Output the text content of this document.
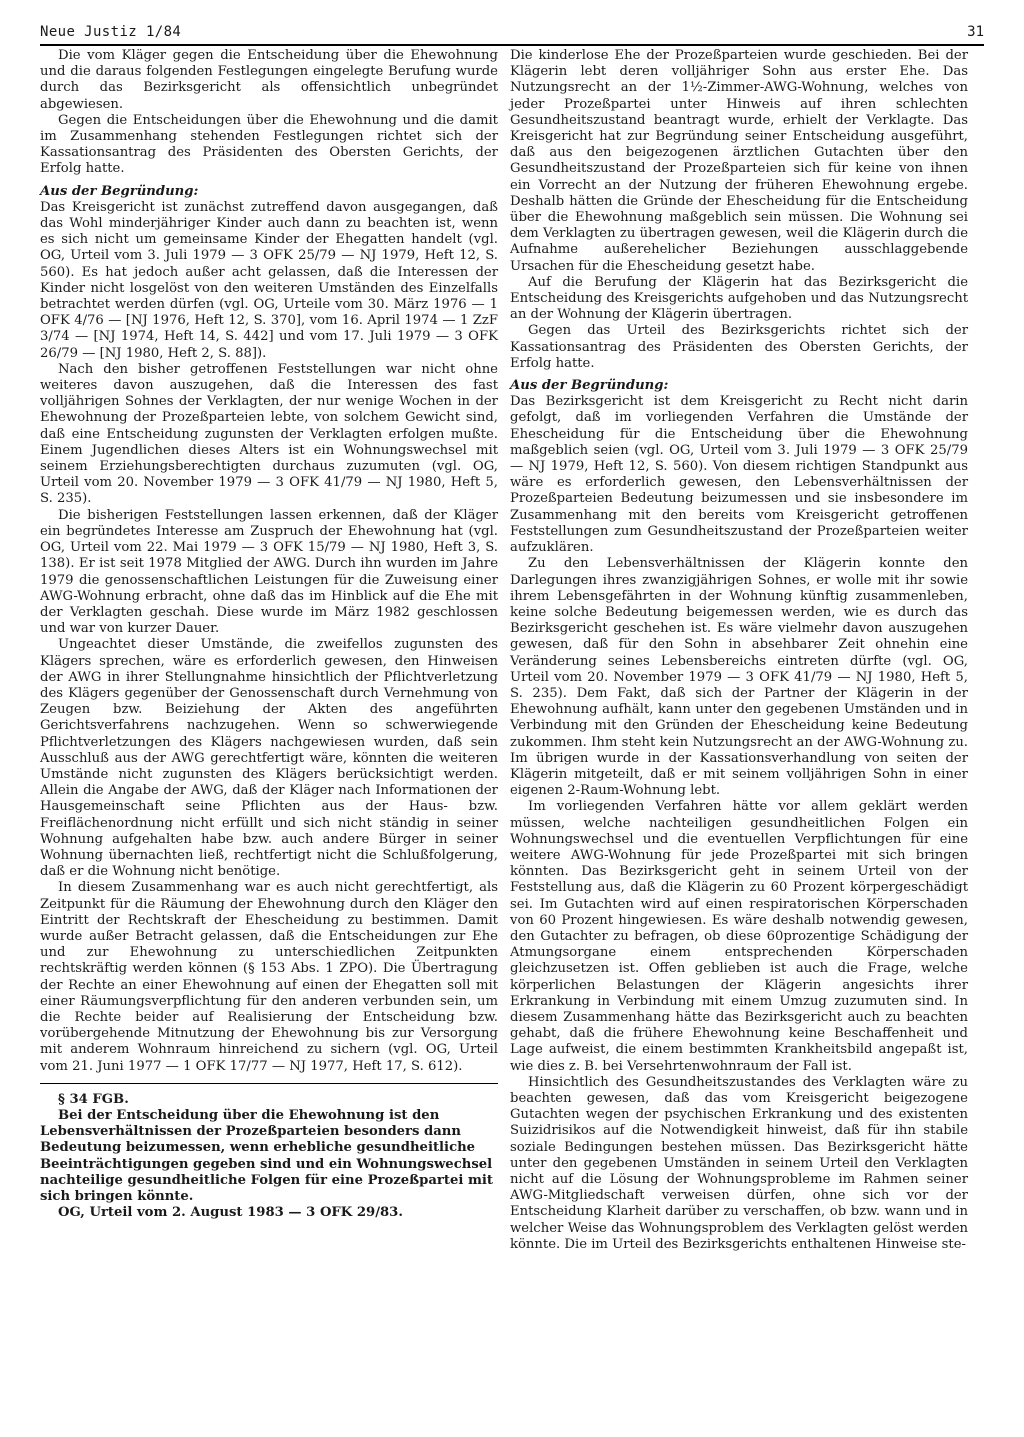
Neue Justiz 1/84	31

Die vom Kläger gegen die Entscheidung über die Ehewohnung und die daraus folgenden Festlegungen eingelegte Berufung wurde durch das Bezirksgericht als offensichtlich unbegründet abgewiesen.

Gegen die Entscheidungen über die Ehewohnung und die damit im Zusammenhang stehenden Festlegungen richtet sich der Kassationsantrag des Präsidenten des Obersten Gerichts, der Erfolg hatte.

Aus der Begründung:

Das Kreisgericht ist zunächst zutreffend davon ausgegangen, daß das Wohl minderjähriger Kinder auch dann zu beachten ist, wenn es sich nicht um gemeinsame Kinder der Ehegatten handelt (vgl. OG, Urteil vom 3. Juli 1979 — 3 OFK 25/79 — NJ 1979, Heft 12, S. 560). Es hat jedoch außer acht gelassen, daß die Interessen der Kinder nicht losgelöst von den weiteren Umständen des Einzelfalls betrachtet werden dürfen (vgl. OG, Urteile vom 30. März 1976 — 1 OFK 4/76 — [NJ 1976, Heft 12, S. 370], vom 16. April 1974 — 1 ZzF 3/74 — [NJ 1974, Heft 14, S. 442] und vom 17. Juli 1979 — 3 OFK 26/79 — [NJ 1980, Heft 2, S. 88]).

Nach den bisher getroffenen Feststellungen war nicht ohne weiteres davon auszugehen, daß die Interessen des fast volljährigen Sohnes der Verklagten, der nur wenige Wochen in der Ehewohnung der Prozeßparteien lebte, von solchem Gewicht sind, daß eine Entscheidung zugunsten der Verklagten erfolgen mußte. Einem Jugendlichen dieses Alters ist ein Wohnungswechsel mit seinem Erziehungsberechtigten durchaus zuzumuten (vgl. OG, Urteil vom 20. November 1979 — 3 OFK 41/79 — NJ 1980, Heft 5, S. 235).

Die bisherigen Feststellungen lassen erkennen, daß der Kläger ein begründetes Interesse am Zuspruch der Ehewohnung hat (vgl. OG, Urteil vom 22. Mai 1979 — 3 OFK 15/79 — NJ 1980, Heft 3, S. 138). Er ist seit 1978 Mitglied der AWG. Durch ihn wurden im Jahre 1979 die genossenschaftlichen Leistungen für die Zuweisung einer AWG-Wohnung erbracht, ohne daß das im Hinblick auf die Ehe mit der Verklagten geschah. Diese wurde im März 1982 geschlossen und war von kurzer Dauer.

Ungeachtet dieser Umstände, die zweifellos zugunsten des Klägers sprechen, wäre es erforderlich gewesen, den Hinweisen der AWG in ihrer Stellungnahme hinsichtlich der Pflichtverletzung des Klägers gegenüber der Genossenschaft durch Vernehmung von Zeugen bzw. Beiziehung der Akten des angeführten Gerichtsverfahrens nachzugehen. Wenn so schwerwiegende Pflichtverletzungen des Klägers nachgewiesen wurden, daß sein Ausschluß aus der AWG gerechtfertigt wäre, könnten die weiteren Umstände nicht zugunsten des Klägers berücksichtigt werden. Allein die Angabe der AWG, daß der Kläger nach Informationen der Hausgemeinschaft seine Pflichten aus der Haus- bzw. Freiflächenordnung nicht erfüllt und sich nicht ständig in seiner Wohnung aufgehalten habe bzw. auch andere Bürger in seiner Wohnung übernachten ließ, rechtfertigt nicht die Schlußfolgerung, daß er die Wohnung nicht benötige.

In diesem Zusammenhang war es auch nicht gerechtfertigt, als Zeitpunkt für die Räumung der Ehewohnung durch den Kläger den Eintritt der Rechtskraft der Ehescheidung zu bestimmen. Damit wurde außer Betracht gelassen, daß die Entscheidungen zur Ehe und zur Ehewohnung zu unterschiedlichen Zeitpunkten rechtskräftig werden können (§ 153 Abs. 1 ZPO). Die Übertragung der Rechte an einer Ehewohnung auf einen der Ehegatten soll mit einer Räumungsverpflichtung für den anderen verbunden sein, um die Rechte beider auf Realisierung der Entscheidung bzw. vorübergehende Mitnutzung der Ehewohnung bis zur Versorgung mit anderem Wohnraum hinreichend zu sichern (vgl. OG, Urteil vom 21. Juni 1977 — 1 OFK 17/77 — NJ 1977, Heft 17, S. 612).

§ 34 FGB.

Bei der Entscheidung über die Ehewohnung ist den Lebensverhältnissen der Prozeßparteien besonders dann Bedeutung beizumessen, wenn erhebliche gesundheitliche Beeinträchtigungen gegeben sind und ein Wohnungswechsel nachteilige gesundheitliche Folgen für eine Prozeßpartei mit sich bringen könnte.

OG, Urteil vom 2. August 1983 — 3 OFK 29/83.

Die kinderlose Ehe der Prozeßparteien wurde geschieden. Bei der Klägerin lebt deren volljähriger Sohn aus erster Ehe. Das Nutzungsrecht an der 1½-Zimmer-AWG-Wohnung, welches von jeder Prozeßpartei unter Hinweis auf ihren schlechten Gesundheitszustand beantragt wurde, erhielt der Verklagte. Das Kreisgericht hat zur Begründung seiner Entscheidung ausgeführt, daß aus den beigezogenen ärztlichen Gutachten über den Gesundheitszustand der Prozeßparteien sich für keine von ihnen ein Vorrecht an der Nutzung der früheren Ehewohnung ergebe. Deshalb hätten die Gründe der Ehescheidung für die Entscheidung über die Ehewohnung maßgeblich sein müssen. Die Wohnung sei dem Verklagten zu übertragen gewesen, weil die Klägerin durch die Aufnahme außerehelicher Beziehungen ausschlaggebende Ursachen für die Ehescheidung gesetzt habe.

Auf die Berufung der Klägerin hat das Bezirksgericht die Entscheidung des Kreisgerichts aufgehoben und das Nutzungsrecht an der Wohnung der Klägerin übertragen.

Gegen das Urteil des Bezirksgerichts richtet sich der Kassationsantrag des Präsidenten des Obersten Gerichts, der Erfolg hatte.

Aus der Begründung:

Das Bezirksgericht ist dem Kreisgericht zu Recht nicht darin gefolgt, daß im vorliegenden Verfahren die Umstände der Ehescheidung für die Entscheidung über die Ehewohnung maßgeblich seien (vgl. OG, Urteil vom 3. Juli 1979 — 3 OFK 25/79 — NJ 1979, Heft 12, S. 560). Von diesem richtigen Standpunkt aus wäre es erforderlich gewesen, den Lebensverhältnissen der Prozeßparteien Bedeutung beizumessen und sie insbesondere im Zusammenhang mit den bereits vom Kreisgericht getroffenen Feststellungen zum Gesundheitszustand der Prozeßparteien weiter aufzuklären.

Zu den Lebensverhältnissen der Klägerin konnte den Darlegungen ihres zwanzigjährigen Sohnes, er wolle mit ihr sowie ihrem Lebensgefährten in der Wohnung künftig zusammenleben, keine solche Bedeutung beigemessen werden, wie es durch das Bezirksgericht geschehen ist. Es wäre vielmehr davon auszugehen gewesen, daß für den Sohn in absehbarer Zeit ohnehin eine Veränderung seines Lebensbereichs eintreten dürfte (vgl. OG, Urteil vom 20. November 1979 — 3 OFK 41/79 — NJ 1980, Heft 5, S. 235). Dem Fakt, daß sich der Partner der Klägerin in der Ehewohnung aufhält, kann unter den gegebenen Umständen und in Verbindung mit den Gründen der Ehescheidung keine Bedeutung zukommen. Ihm steht kein Nutzungsrecht an der AWG-Wohnung zu. Im übrigen wurde in der Kassationsverhandlung von seiten der Klägerin mitgeteilt, daß er mit seinem volljährigen Sohn in einer eigenen 2-Raum-Wohnung lebt.

Im vorliegenden Verfahren hätte vor allem geklärt werden müssen, welche nachteiligen gesundheitlichen Folgen ein Wohnungswechsel und die eventuellen Verpflichtungen für eine weitere AWG-Wohnung für jede Prozeßpartei mit sich bringen könnten. Das Bezirksgericht geht in seinem Urteil von der Feststellung aus, daß die Klägerin zu 60 Prozent körpergeschädigt sei. Im Gutachten wird auf einen respiratorischen Körperschaden von 60 Prozent hingewiesen. Es wäre deshalb notwendig gewesen, den Gutachter zu befragen, ob diese 60prozentige Schädigung der Atmungsorgane einem entsprechenden Körperschaden gleichzusetzen ist. Offen geblieben ist auch die Frage, welche körperlichen Belastungen der Klägerin angesichts ihrer Erkrankung in Verbindung mit einem Umzug zuzumuten sind. In diesem Zusammenhang hätte das Bezirksgericht auch zu beachten gehabt, daß die frühere Ehewohnung keine Beschaffenheit und Lage aufweist, die einem bestimmten Krankheitsbild angepaßt ist, wie dies z. B. bei Versehrtenwohnraum der Fall ist.

Hinsichtlich des Gesundheitszustandes des Verklagten wäre zu beachten gewesen, daß das vom Kreisgericht beigezogene Gutachten wegen der psychischen Erkrankung und des existenten Suizidrisikos auf die Notwendigkeit hinweist, daß für ihn stabile soziale Bedingungen bestehen müssen. Das Bezirksgericht hätte unter den gegebenen Umständen in seinem Urteil den Verklagten nicht auf die Lösung der Wohnungsprobleme im Rahmen seiner AWG-Mitgliedschaft verweisen dürfen, ohne sich vor der Entscheidung Klarheit darüber zu verschaffen, ob bzw. wann und in welcher Weise das Wohnungsproblem des Verklagten gelöst werden könnte. Die im Urteil des Bezirksgerichts enthaltenen Hinweise ste-
